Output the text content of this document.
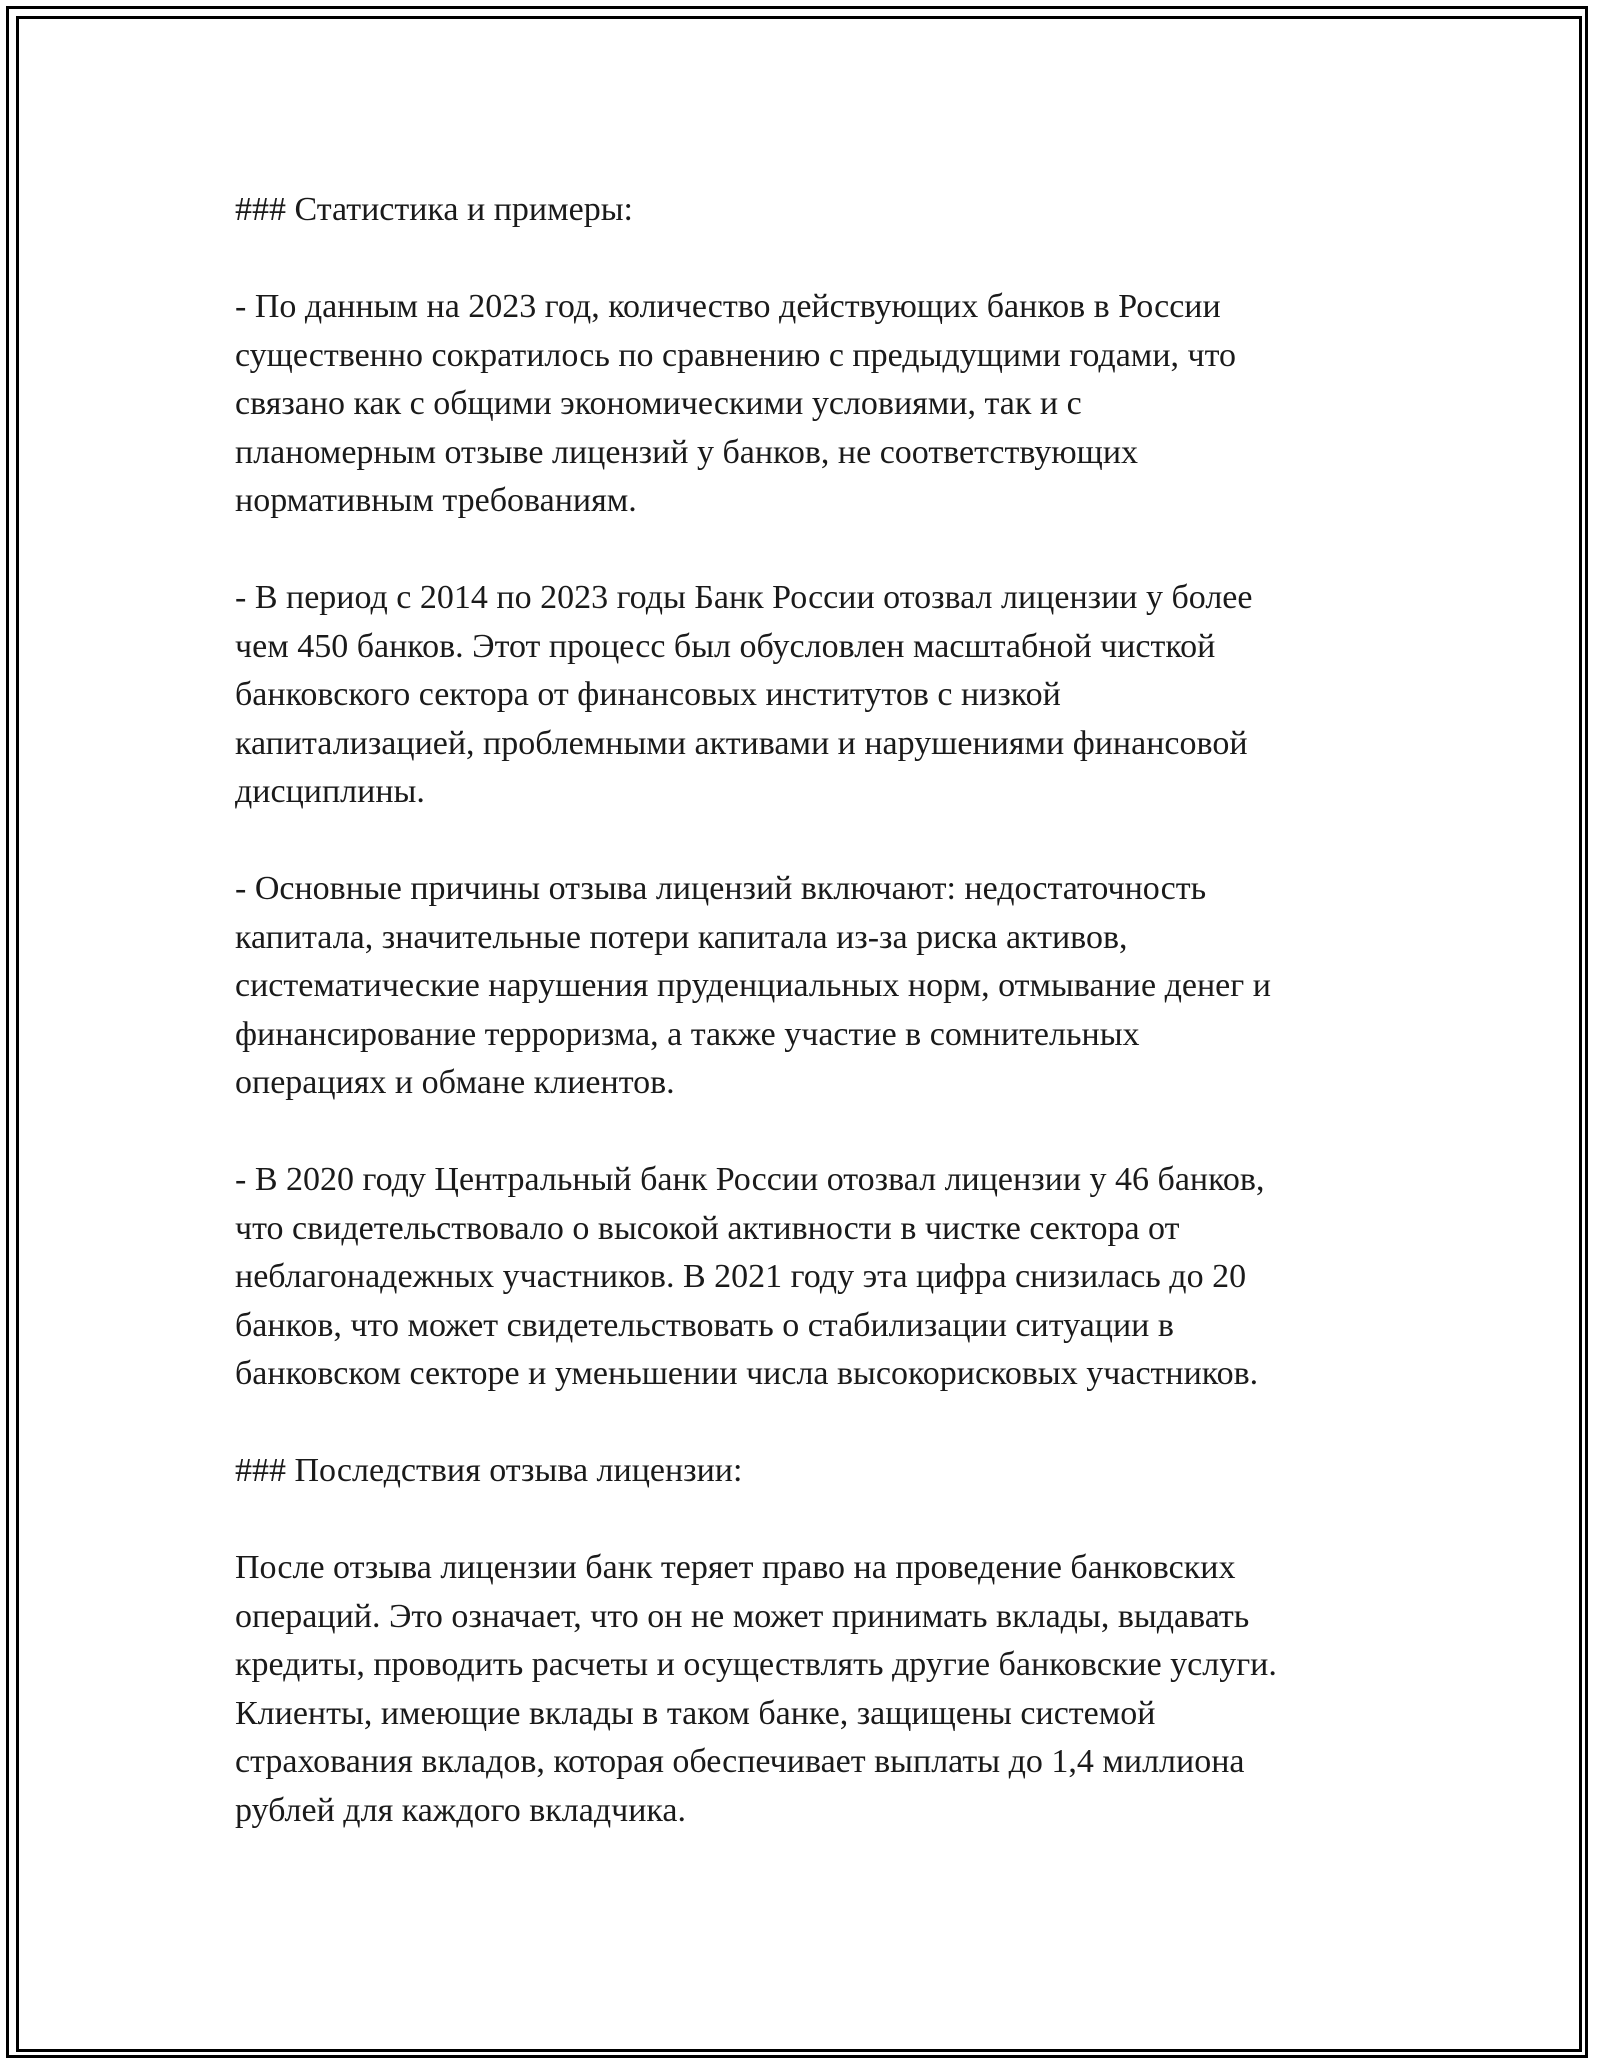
### Статистика и примеры:
- По данным на 2023 год, количество действующих банков в России
существенно сократилось по сравнению с предыдущими годами, что
связано как с общими экономическими условиями, так и с
планомерным отзыве лицензий у банков, не соответствующих
нормативным требованиям.
- В период с 2014 по 2023 годы Банк России отозвал лицензии у более
чем 450 банков. Этот процесс был обусловлен масштабной чисткой
банковского сектора от финансовых институтов с низкой
капитализацией, проблемными активами и нарушениями финансовой
дисциплины.
- Основные причины отзыва лицензий включают: недостаточность
капитала, значительные потери капитала из-за риска активов,
систематические нарушения пруденциальных норм, отмывание денег и
финансирование терроризма, а также участие в сомнительных
операциях и обмане клиентов.
- В 2020 году Центральный банк России отозвал лицензии у 46 банков,
что свидетельствовало о высокой активности в чистке сектора от
неблагонадежных участников. В 2021 году эта цифра снизилась до 20
банков, что может свидетельствовать о стабилизации ситуации в
банковском секторе и уменьшении числа высокорисковых участников.
### Последствия отзыва лицензии:
После отзыва лицензии банк теряет право на проведение банковских
операций. Это означает, что он не может принимать вклады, выдавать
кредиты, проводить расчеты и осуществлять другие банковские услуги.
Клиенты, имеющие вклады в таком банке, защищены системой
страхования вкладов, которая обеспечивает выплаты до 1,4 миллиона
рублей для каждого вкладчика.
